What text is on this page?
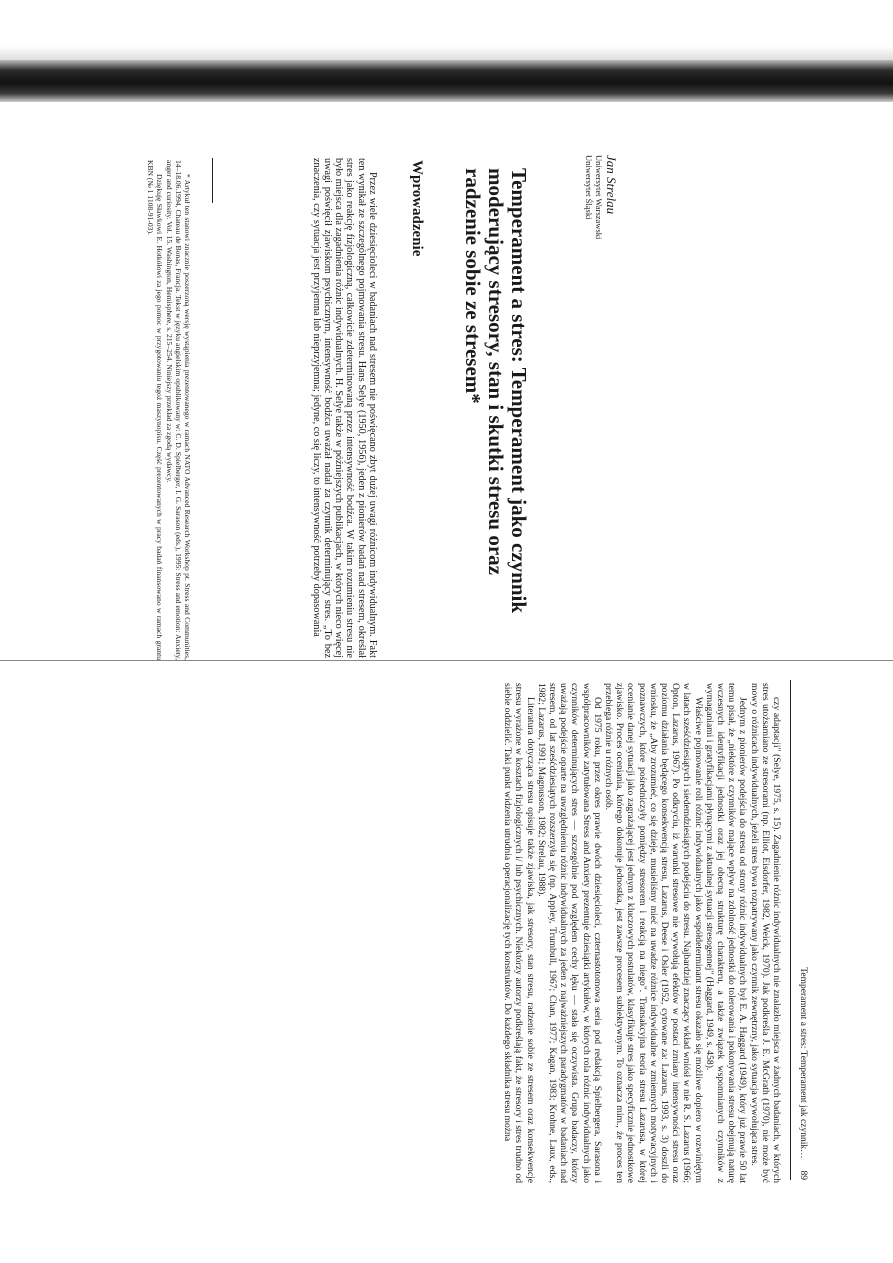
Temperament a stres: Temperament jak czynnik…     89
Jan Strelau
Uniwersytet Warszawski
Uniwersytet Śląski
Temperament a stres: Temperament jako czynnik moderujący stresory, stan i skutki stresu oraz radzenie sobie ze stresem*
Wprowadzenie

Przez wiele dziesięcioleci w badaniach nad stresem nie poświęcano zbyt dużej uwagi różnicom indywidualnym. Fakt ten wynikał ze szczególnego pojmowania stresu. Hans Selye (1950, 1956), jeden z pionierów badań nad stresem, określał stres jako reakcję fizjologiczną, całkowicie zdeterminowaną przez intensywność bodźca. W takim rozumieniu stresu nie było miejsca dla zagadnienia różnic indywidualnych. H. Selye także w późniejszych publikacjach, w których nieco więcej uwagi poświęcił zjawiskom psychicznym, intensywność bodźca uważał nadal za czynnik determinujący stres. „To bez znaczenia, czy sytuacja jest przyjemna lub nieprzyjemna; jedyne, co się liczy, to intensywność potrzeby dopasowania

* Artykuł ten stanowi znacznie poszerzoną wersję wystąpienia prezentowanego w ramach NATO Advanced Research Workshop pt. Stress and Communities, 14–18.06.1994, Chateau de Bonas, Francja. Tekst w języku angielskim opublikowany w: C. D. Spielberger, I. G. Sarason (eds.), 1995: Stress and emotion: Anxiety, anger and curiosity. Vol. 15. Washington, Hemisphere, s. 215–254. Niniejszy przekład za zgodą wydawcy.

Dziękuję Sławkowi E. Hotkółowi za jego pomoc w przygotowaniu tegoż maszynopisu. Część prezentowanych w pracy badań finansowano w ramach grantu KBN (№ 1 1108-91-03).

czy adaptacji" (Selye, 1975, s. 15). Zagadnienie różnic indywidualnych nie znalazło miejsca w żadnych badaniach, w których stres utożsamiano ze stresorami (np. Elliot, Eisdorfer, 1982, Weick, 1970). Jak podkreśla J. E. McGrath (1970), nie może być mowy o różnicach indywidualnych, jeżeli stres bywa rozpatrywany jako czynnik zewnętrzny, jako sytuacja wywołująca stres.

Jednym z pionierów podejścia do stresu od strony różnic indywidualnych był E. A. Haggard (1949), który już prawie 50 lat temu pisał, że „niektóre z czynników mające wpływ na zdolność jednostki do tolerowania i pokonywania stresu obejmują naturę wczesnych identyfikacji jednostki oraz jej obecną strukturę charakteru, a także związek wspomnianych czynników z wymaganiami i gratyfikacjami płynącymi z aktualnej sytuacji stresogennej" (Haggard, 1949, s. 458).

Właściwe pojmowanie roli różnic indywidualnych jako współdeterminant stresu okazało się możliwe dopiero w rozwiniętym w latach sześćdziesiątych i siedemdziesiątych podejściu do stresu. Najbardziej znaczący wkład wniósł w nie R. S. Lazarus (1966; Opton, Lazarus, 1967). Po odkryciu, iż warunki stresowe nie wywołują efektów w postaci zmiany intensywności stresu oraz poziomu działania będącego konsekwencją stresu, Lazarus, Deese i Osler (1952, cytowane za: Lazarus, 1993, s. 3) doszli do wniosku, że „Aby zrozumieć, co się dzieje, musieliśmy mieć na uwadze różnice indywidualne w zmiennych motywacyjnych i poznawczych, które pośredniczyły pomiędzy stresorem i reakcją na niego". Transakcyjna teoria stresu Lazarusa, w której ocenianie danej sytuacji jako zagrażającej jest jednym z kluczowych postulatów, klasyfikuje stres jako specyficznie jednostkowe zjawisko. Proces oceniania, którego dokonuje jednostka, jest zawsze procesem subiektywnym. To oznacza mim., że proces ten przebiega różnie u różnych osób.

Od 1975 roku, przez okres prawie dwóch dziesięcioleci, czternastotomowa seria pod redakcją Spielbergera, Sarasona i współpracowników zatytułowana Stress and Anxiety prezentuje dziesiątki artykułów, w których rola różnic indywidualnych jako czynników determinujących stres — szczególnie pod względem cechy lęku — stała się oczywista. Grupa badaczy, którzy uważają podejście oparte na uwzględnieniu różnic indywidualnych za jeden z najważniejszych paradygmatów w badaniach nad stresem, od lat sześćdziesiątych rozszerzyła się (np. Appley, Trumbull, 1967; Chan, 1977; Kagan, 1983; Krohne, Laux, eds., 1982; Lazarus, 1991; Magnusson, 1982; Strelau, 1988).

Literatura dotycząca stresu opisuje także zjawiska, jak stresory, stan stresu, radzenie sobie ze stresem oraz konsekwencje stresu wyrażone w kosztach fizjologicznych i/ lub psychicznych. Niektórzy autorzy podkreślają fakt, że stresory i stres trudno od siebie oddzielić. Taki punkt widzenia utrudnia operacjonalizację tych konstruktów. Do każdego składnika stresu można
